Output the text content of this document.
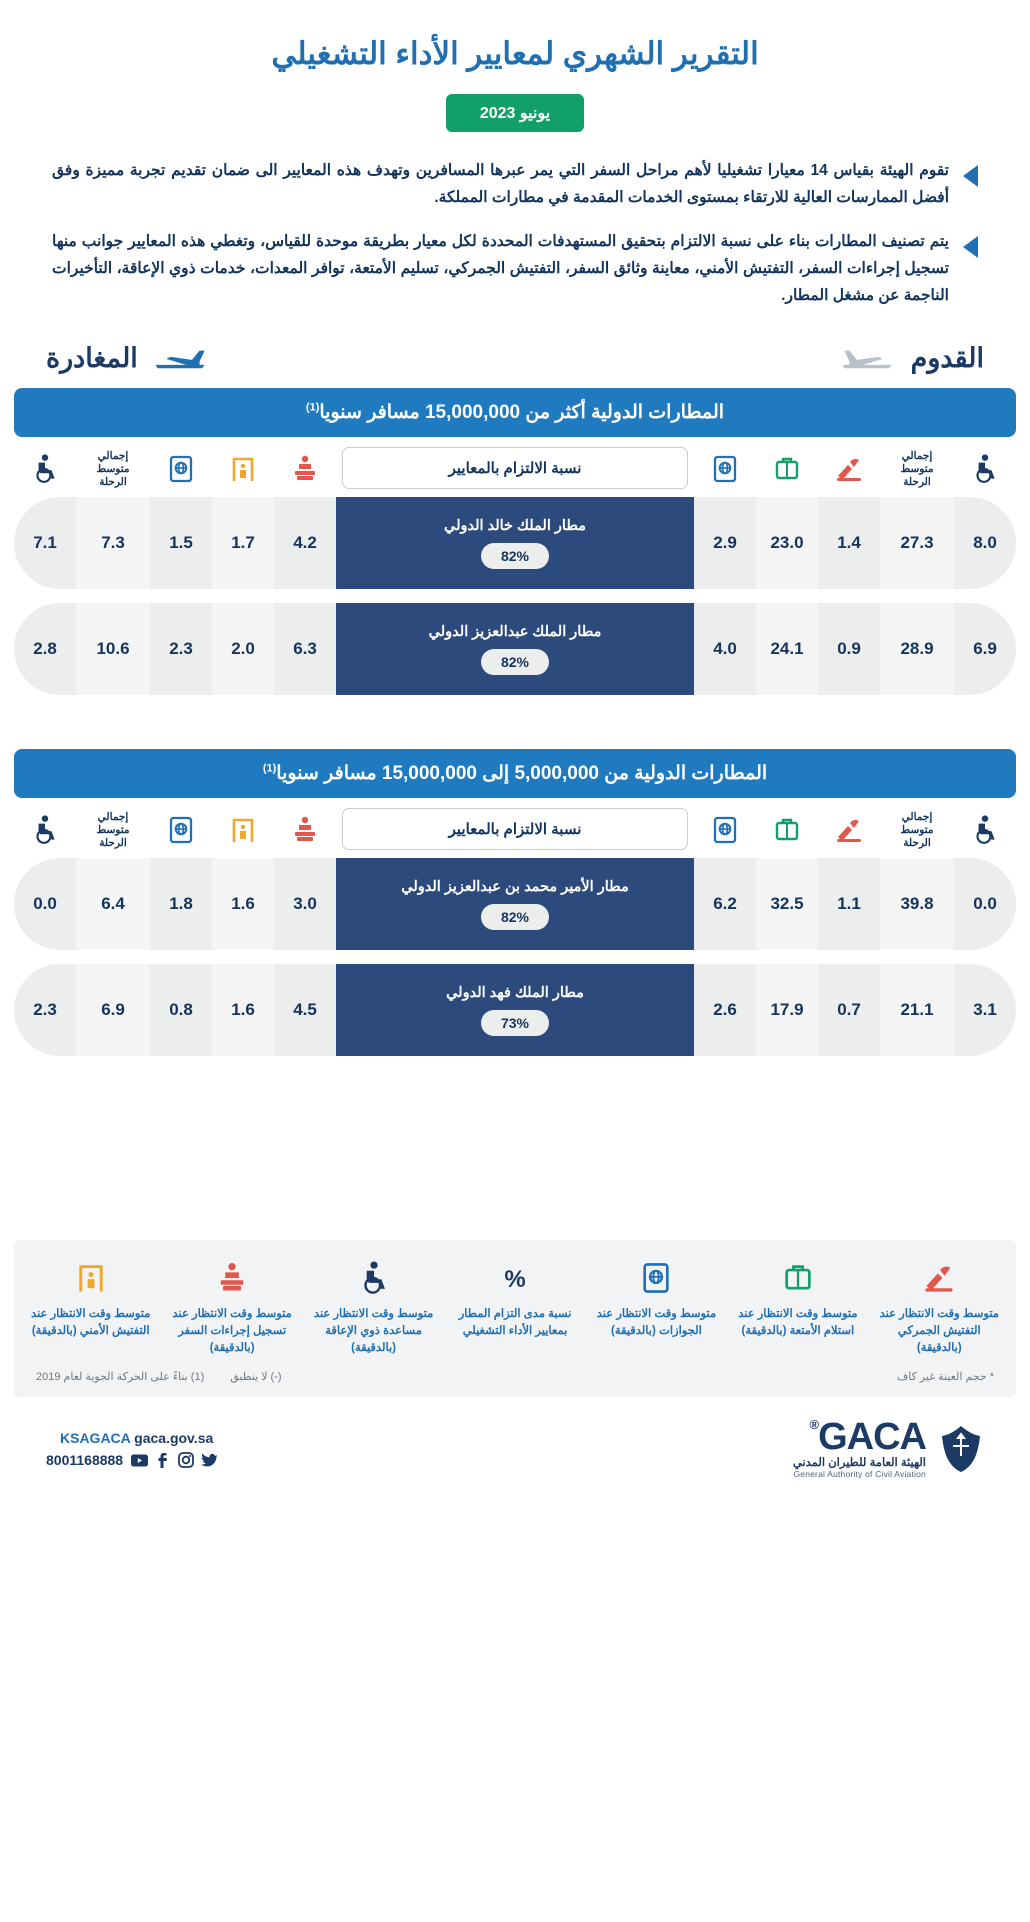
التقرير الشهري لمعايير الأداء التشغيلي
يونيو 2023
تقوم الهيئة بقياس 14 معيارا تشغيليا لأهم مراحل السفر التي يمر عبرها المسافرين وتهدف هذه المعايير الى ضمان تقديم تجربة مميزة وفق أفضل الممارسات العالية للارتقاء بمستوى الخدمات المقدمة في مطارات المملكة.
يتم تصنيف المطارات بناء على نسبة الالتزام بتحقيق المستهدفات المحددة لكل معيار بطريقة موحدة للقياس، وتغطي هذه المعايير جوانب منها تسجيل إجراءات السفر، التفتيش الأمني، معاينة وثائق السفر، التفتيش الجمركي، تسليم الأمتعة، توافر المعدات، خدمات ذوي الإعاقة، التأخيرات الناجمة عن مشغل المطار.
القدوم
المغادرة
المطارات الدولية أكثر من 15,000,000 مسافر سنويا$^{(1)}$
إجمالي
متوسط
الرحلة
نسبة الالتزام بالمعايير
إجمالي
متوسط
الرحلة
8.0
27.3
1.4
23.0
2.9
مطار الملك خالد الدولي
82%
4.2
1.7
1.5
7.3
7.1
6.9
28.9
0.9
24.1
4.0
مطار الملك عبدالعزيز الدولي
82%
6.3
2.0
2.3
10.6
2.8
المطارات الدولية من 5,000,000 إلى 15,000,000 مسافر سنويا$^{(1)}$
إجمالي
متوسط
الرحلة
نسبة الالتزام بالمعايير
إجمالي
متوسط
الرحلة
0.0
39.8
1.1
32.5
6.2
مطار الأمير محمد بن عبدالعزيز الدولي
82%
3.0
1.6
1.8
6.4
0.0
3.1
21.1
0.7
17.9
2.6
مطار الملك فهد الدولي
73%
4.5
1.6
0.8
6.9
2.3
متوسط وقت الانتظار عند التفتيش الجمركي (بالدقيقة)
متوسط وقت الانتظار عند استلام الأمتعة (بالدقيقة)
متوسط وقت الانتظار عند الجوازات (بالدقيقة)
%
نسبة مدى التزام المطار بمعايير الأداء التشغيلي
متوسط وقت الانتظار عند مساعدة ذوي الإعاقة (بالدقيقة)
متوسط وقت الانتظار عند تسجيل إجراءات السفر (بالدقيقة)
متوسط وقت الانتظار عند التفتيش الأمني (بالدقيقة)
* حجم العينة غير كاف
(-) لا ينطبق
(1) بناءً على الحركة الجوية لعام 2019
GACA®
الهيئة العامة للطيران المدني
General Authority of Civil Aviation
KSAGACA gaca.gov.sa
8001168888
